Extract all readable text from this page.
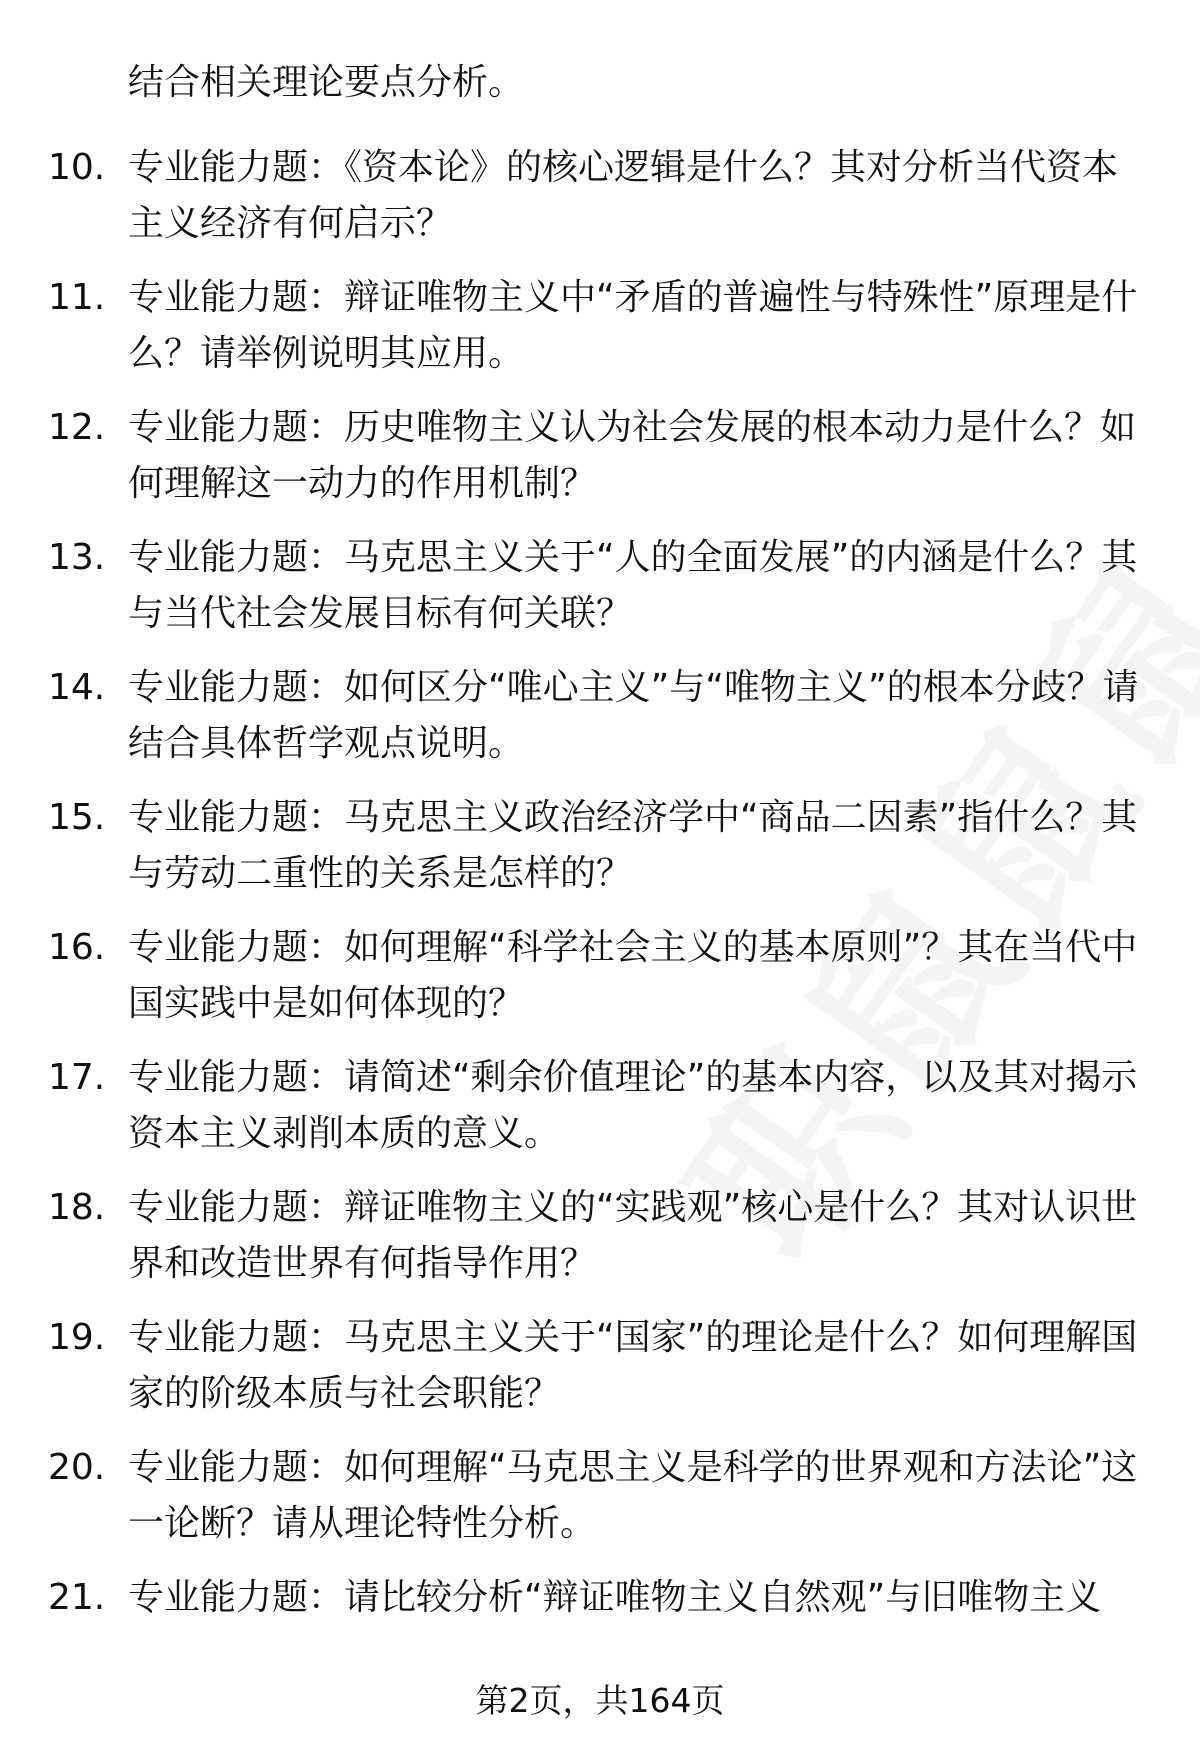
结合相关理论要点分析。
10. 专业能力题：《资本论》的核心逻辑是什么？其对分析当代资本主义经济有何启示？
11. 专业能力题：辩证唯物主义中“矛盾的普遍性与特殊性”原理是什么？请举例说明其应用。
12. 专业能力题：历史唯物主义认为社会发展的根本动力是什么？如何理解这一动力的作用机制？
13. 专业能力题：马克思主义关于“人的全面发展”的内涵是什么？其与当代社会发展目标有何关联？
14. 专业能力题：如何区分“唯心主义”与“唯物主义”的根本分歧？请结合具体哲学观点说明。
15. 专业能力题：马克思主义政治经济学中“商品二因素”指什么？其与劳动二重性的关系是怎样的？
16. 专业能力题：如何理解“科学社会主义的基本原则”？其在当代中国实践中是如何体现的？
17. 专业能力题：请简述“剩余价值理论”的基本内容，以及其对揭示资本主义剥削本质的意义。
18. 专业能力题：辩证唯物主义的“实践观”核心是什么？其对认识世界和改造世界有何指导作用？
19. 专业能力题：马克思主义关于“国家”的理论是什么？如何理解国家的阶级本质与社会职能？
20. 专业能力题：如何理解“马克思主义是科学的世界观和方法论”这一论断？请从理论特性分析。
21. 专业能力题：请比较分析“辩证唯物主义自然观”与旧唯物主义
第2页，共164页
